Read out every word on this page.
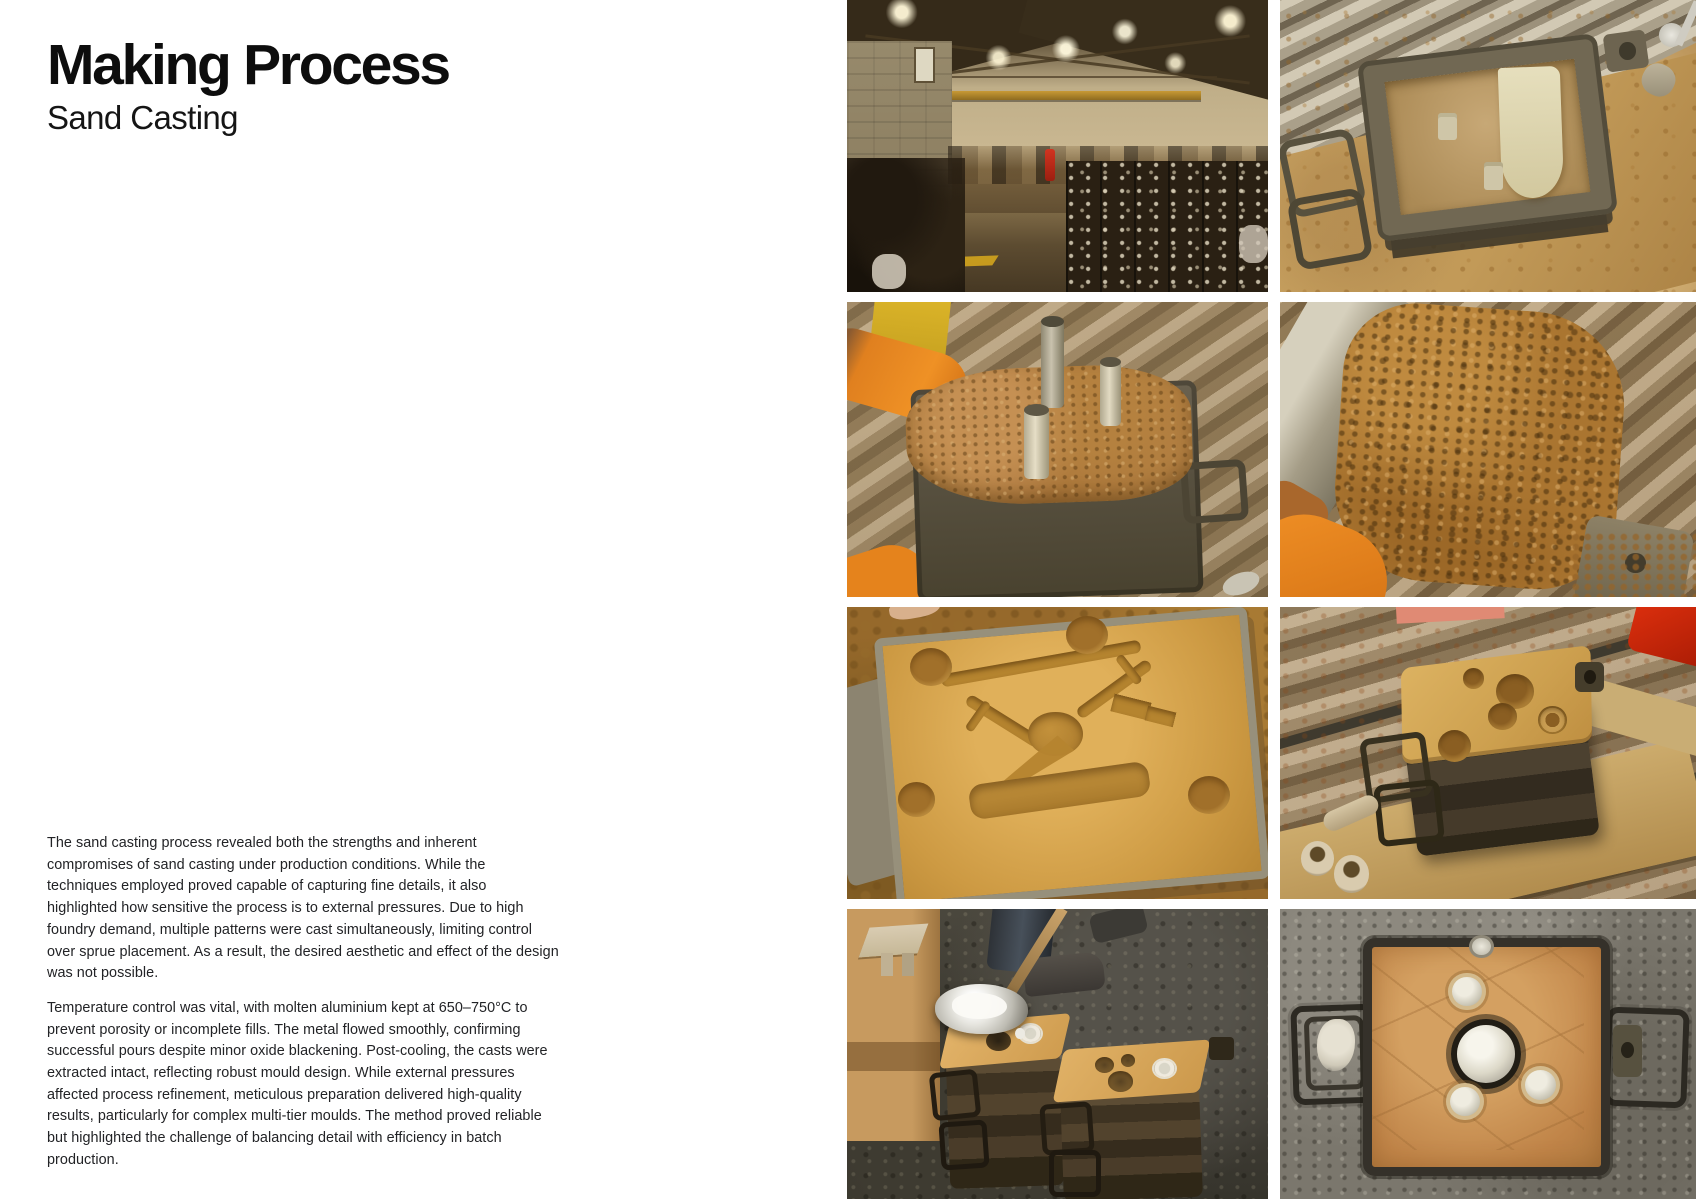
Making Process
Sand Casting

The sand casting process revealed both the strengths and inherent compromises of sand casting under production conditions. While the techniques employed proved capable of capturing fine details, it also highlighted how sensitive the process is to external pressures. Due to high foundry demand, multiple patterns were cast simultaneously, limiting control over sprue placement. As a result, the desired aesthetic and effect of the design was not possible.

Temperature control was vital, with molten aluminium kept at 650–750°C to prevent porosity or incomplete fills. The metal flowed smoothly, confirming successful pours despite minor oxide blackening. Post-cooling, the casts were extracted intact, reflecting robust mould design. While external pressures affected process refinement, meticulous preparation delivered high-quality results, particularly for complex multi-tier moulds. The method proved reliable but highlighted the challenge of balancing detail with efficiency in batch production.
